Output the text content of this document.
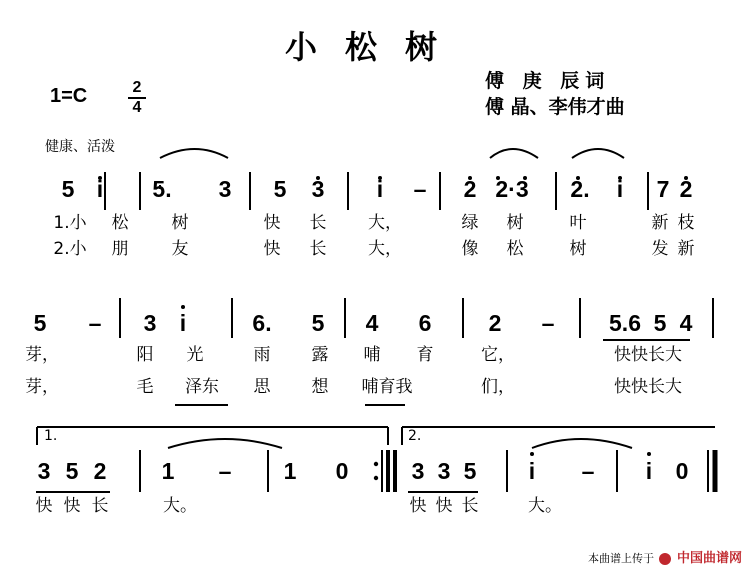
小松树
1=C	2
4
傅 庚 辰词
傅 晶、李伟才曲
健康、活泼
5 i 5. 3 5 3 i – 2 2·3 2. i 7 2
1.小 松	树	快 长 大，	绿 树	叶	新 枝
2.小 朋	友	快 长 大，	像 松	树	发 新
5 – 3 i	6. 5 4 6 2 – 5.6 5 4
芽，	阳 光	雨 露 哺 育	它，	快快长大
芽，	毛 泽东 思 想 哺育我	们，	快快长大
1.	2.
3 5 2 1 – 1 0	3 3 5 i – i 0
快 快 长	大。	快 快 长	大。
本曲谱上传于 中国曲谱网
